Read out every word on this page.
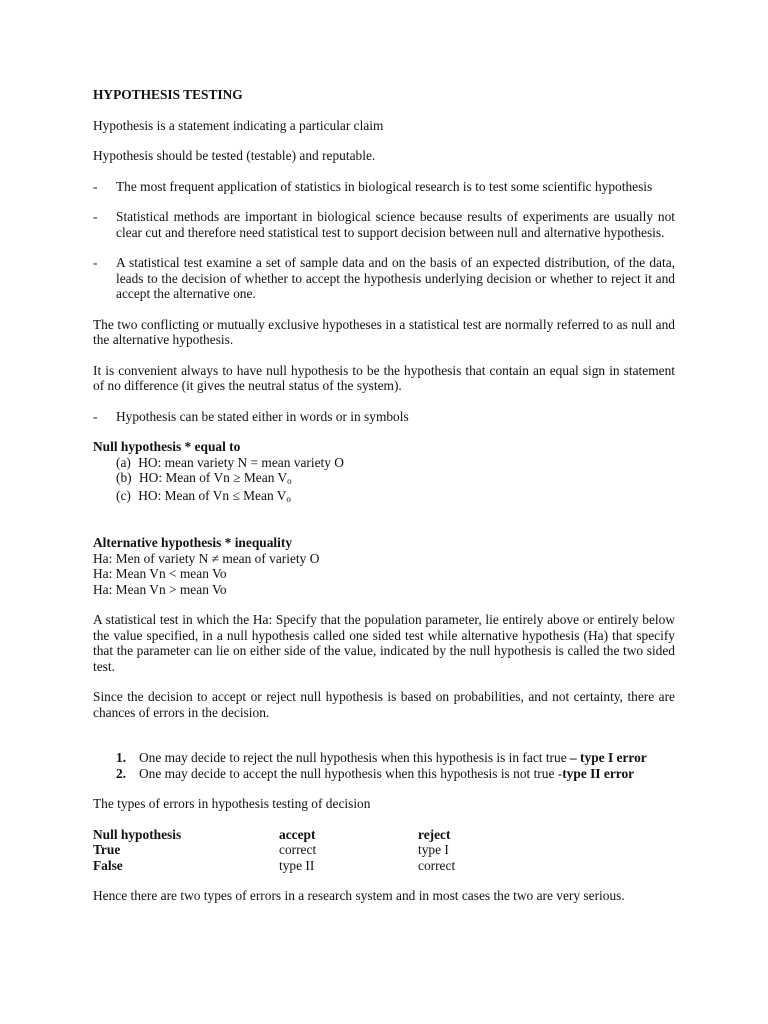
HYPOTHESIS TESTING

Hypothesis is a statement indicating a particular claim

Hypothesis should be tested (testable) and reputable.

- The most frequent application of statistics in biological research is to test some scientific hypothesis
- Statistical methods are important in biological science because results of experiments are usually not clear cut and therefore need statistical test to support decision between null and alternative hypothesis.
- A statistical test examine a set of sample data and on the basis of an expected distribution, of the data, leads to the decision of whether to accept the hypothesis underlying decision or whether to reject it and accept the alternative one.

The two conflicting or mutually exclusive hypotheses in a statistical test are normally referred to as null and the alternative hypothesis.

It is convenient always to have null hypothesis to be the hypothesis that contain an equal sign in statement of no difference (it gives the neutral status of the system).

- Hypothesis can be stated either in words or in symbols
Null hypothesis * equal to
(a) HO: mean variety N = mean variety O
(b) HO: Mean of Vn ≥ Mean $V_o$
(c) HO: Mean of Vn ≤ Mean $V_o$
Alternative hypothesis * inequality
Ha: Men of variety N ≠ mean of variety O
Ha: Mean Vn < mean Vo
Ha: Mean Vn > mean Vo

A statistical test in which the Ha: Specify that the population parameter, lie entirely above or entirely below the value specified, in a null hypothesis called one sided test while alternative hypothesis (Ha) that specify that the parameter can lie on either side of the value, indicated by the null hypothesis is called the two sided test.

Since the decision to accept or reject null hypothesis is based on probabilities, and not certainty, there are chances of errors in the decision.

1. One may decide to reject the null hypothesis when this hypothesis is in fact true – type I error
2. One may decide to accept the null hypothesis when this hypothesis is not true -type II error

The types of errors in hypothesis testing of decision

Null hypothesis	accept	reject
True	correct	type I
False	type II	correct

Hence there are two types of errors in a research system and in most cases the two are very serious.
